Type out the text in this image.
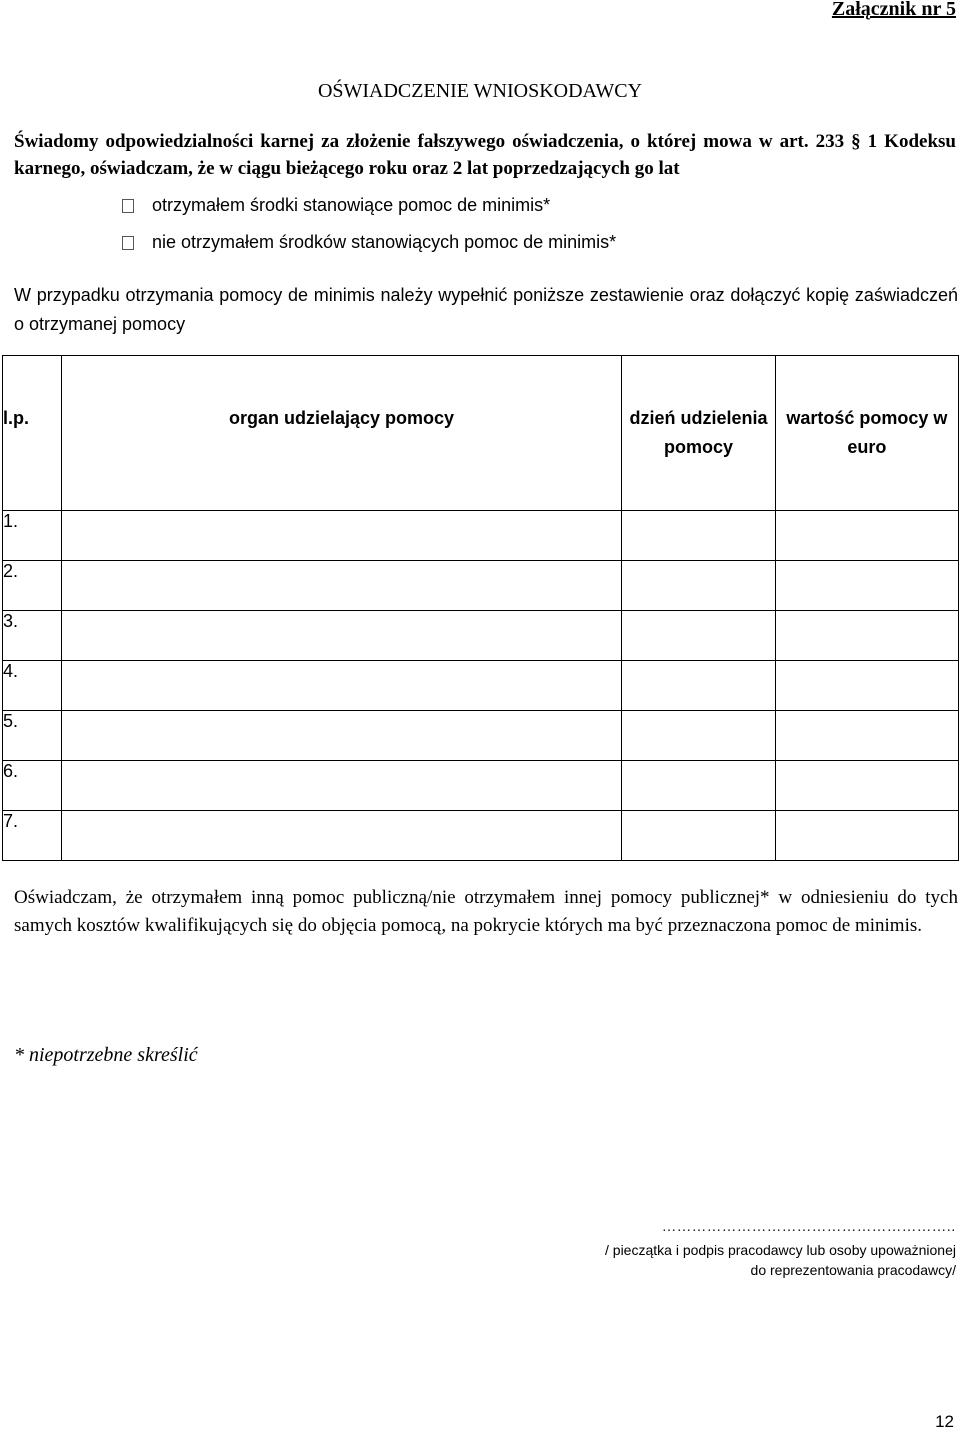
Załącznik nr 5
OŚWIADCZENIE WNIOSKODAWCY
Świadomy odpowiedzialności karnej za złożenie fałszywego oświadczenia, o której mowa w art. 233 § 1 Kodeksu karnego, oświadczam, że w ciągu bieżącego roku oraz 2 lat poprzedzających go lat
otrzymałem środki stanowiące pomoc de minimis*
nie otrzymałem środków stanowiących pomoc de minimis*
W przypadku otrzymania pomocy de minimis należy wypełnić poniższe zestawienie oraz dołączyć kopię zaświadczeń o otrzymanej pomocy
l.p.	organ udzielający pomocy	dzień udzielenia pomocy	wartość pomocy w euro
1.			
2.			
3.			
4.			
5.			
6.			
7.			
Oświadczam, że otrzymałem inną pomoc publiczną/nie otrzymałem innej pomocy publicznej* w odniesieniu do tych samych kosztów kwalifikujących się do objęcia pomocą, na pokrycie których ma być przeznaczona pomoc de minimis.
* niepotrzebne skreślić
…………………………………………………..
/ pieczątka i podpis pracodawcy lub osoby upoważnionej
do reprezentowania pracodawcy/
12
